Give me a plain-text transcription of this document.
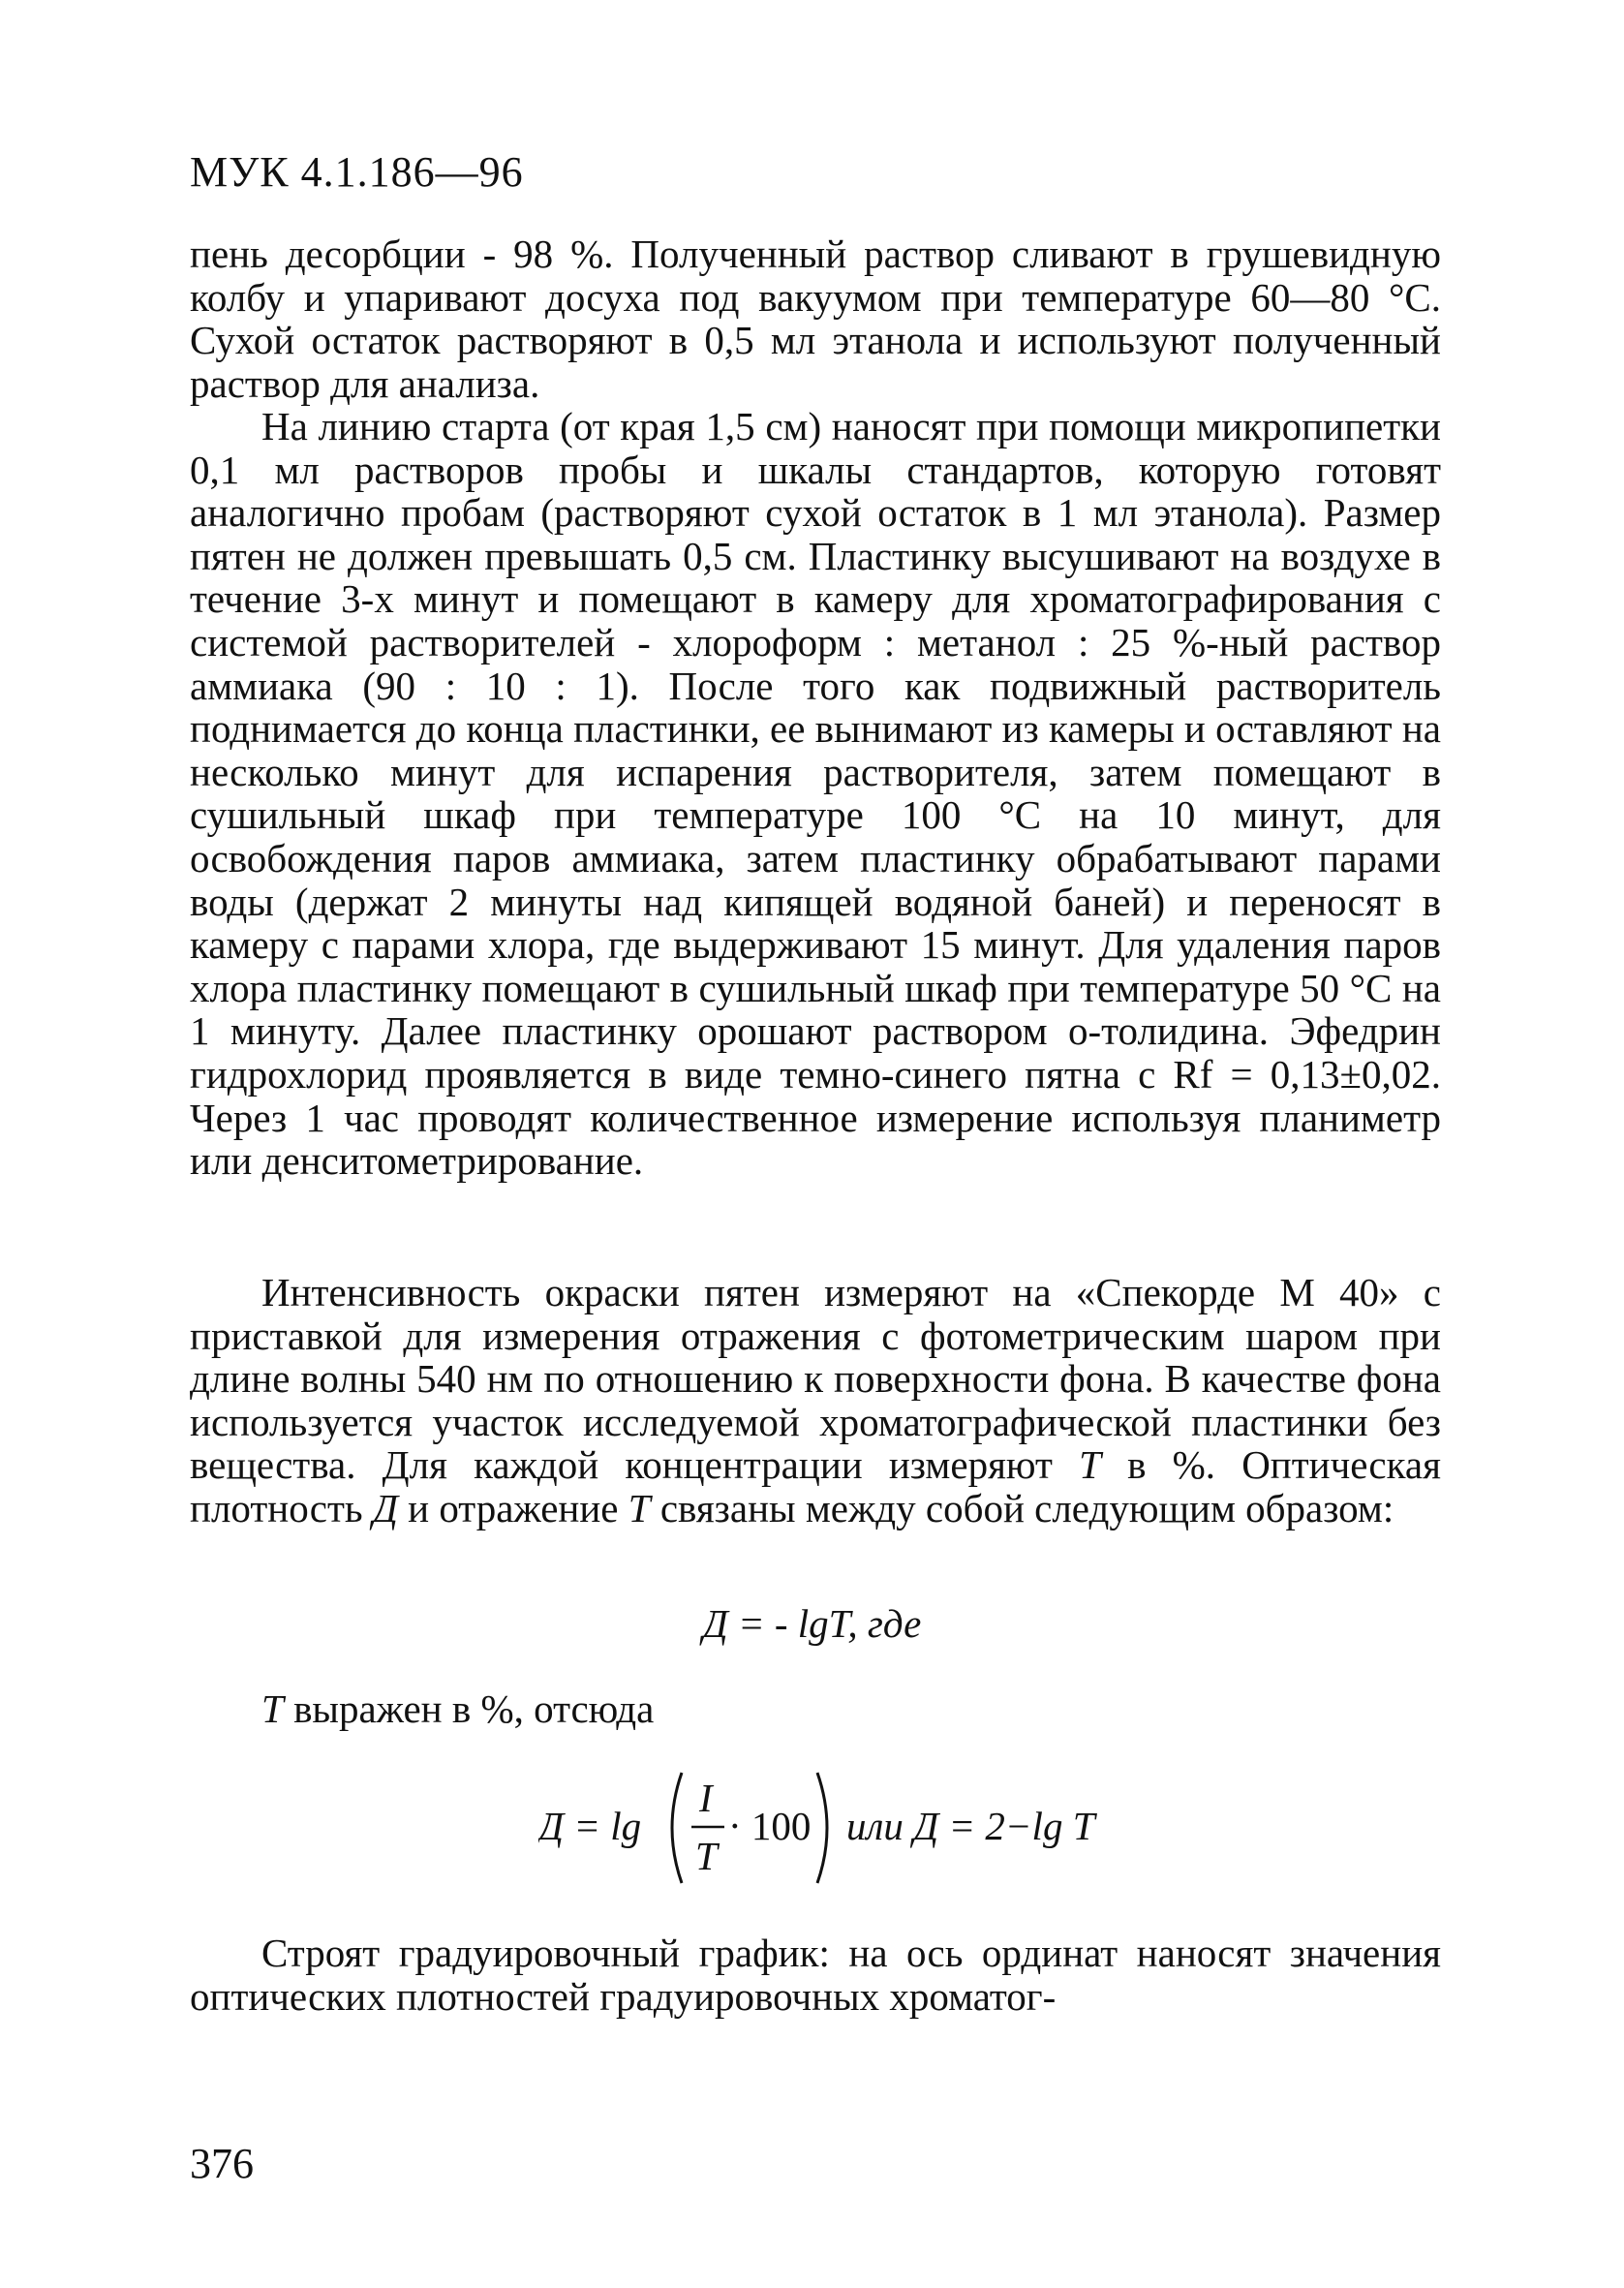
МУК 4.1.186—96
пень десорбции - 98 %. Полученный раствор сливают в грушевидную колбу и упаривают досуха под вакуумом при температуре 60—80 °С. Сухой остаток растворяют в 0,5 мл этанола и используют полученный раствор для анализа.
На линию старта (от края 1,5 см) наносят при помощи микропипетки 0,1 мл растворов пробы и шкалы стандартов, которую готовят аналогично пробам (растворяют сухой остаток в 1 мл этанола). Размер пятен не должен превышать 0,5 см. Пластинку высушивают на воздухе в течение 3-х минут и помещают в камеру для хроматографирования с системой растворителей - хлороформ : метанол : 25 %-ный раствор аммиака (90 : 10 : 1). После того как подвижный растворитель поднимается до конца пластинки, ее вынимают из камеры и оставляют на несколько минут для испарения растворителя, затем помещают в сушильный шкаф при температуре 100 °С на 10 минут, для освобождения паров аммиака, затем пластинку обрабатывают парами воды (держат 2 минуты над кипящей водяной баней) и переносят в камеру с парами хлора, где выдерживают 15 минут. Для удаления паров хлора пластинку помещают в сушильный шкаф при температуре 50 °С на 1 минуту. Далее пластинку орошают раствором о-толидина. Эфедрин гидрохлорид проявляется в виде темно-синего пятна с Rf = 0,13±0,02. Через 1 час проводят количественное измерение используя планиметр или денситометрирование.
Интенсивность окраски пятен измеряют на «Спекорде М 40» с приставкой для измерения отражения с фотометрическим шаром при длине волны 540 нм по отношению к поверхности фона. В качестве фона используется участок исследуемой хроматографической пластинки без вещества. Для каждой концентрации измеряют T в %. Оптическая плотность Д и отражение T связаны между собой следующим образом:
Д = - lgT, где
T выражен в %, отсюда
Д = lg
I
T
· 100 или Д = 2−lg T
Строят градуировочный график: на ось ординат наносят значения оптических плотностей градуировочных хроматог-
376
